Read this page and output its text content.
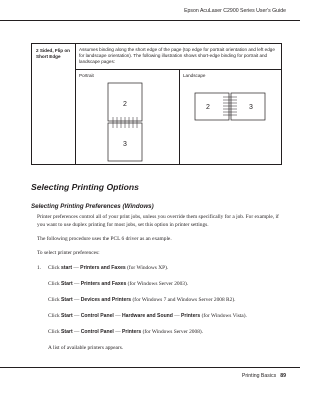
Epson AcuLaser C2900 Series User's Guide
2 Sided, Flip on Short Edge
Assumes binding along the short edge of the page (top edge for portrait orientation and left edge for landscape orientation). The following illustration shows short-edge binding for portrait and landscape pages:
Portrait	Landscape
2
3
2	3
Selecting Printing Options
Selecting Printing Preferences (Windows)
Printer preferences control all of your print jobs, unless you override them specifically for a job. For example, if you want to use duplex printing for most jobs, set this option in printer settings.
The following procedure uses the PCL 6 driver as an example.
To select printer preferences:
1. Click start — Printers and Faxes (for Windows XP).
Click Start — Printers and Faxes (for Windows Server 2003).
Click Start — Devices and Printers (for Windows 7 and Windows Server 2008 R2).
Click Start — Control Panel — Hardware and Sound — Printers (for Windows Vista).
Click Start — Control Panel — Printers (for Windows Server 2008).
A list of available printers appears.
Printing Basics 89
